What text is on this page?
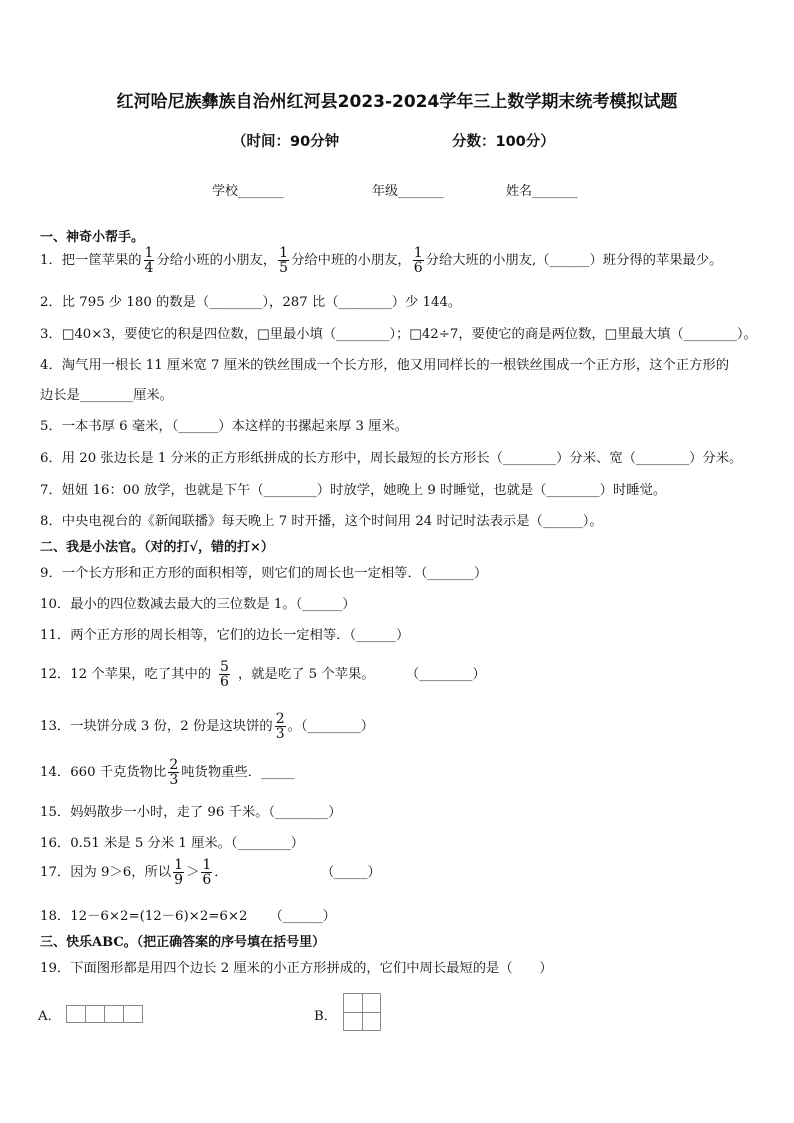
红河哈尼族彝族自治州红河县2023-2024学年三上数学期末统考模拟试题
（时间：90分钟	分数：100分）
学校_______	年级_______	姓名_______
一、神奇小帮手。
1．把一筐苹果的 $\frac{1}{4}$ 分给小班的小朋友， $\frac{1}{5}$ 分给中班的小朋友， $\frac{1}{6}$ 分给大班的小朋友,（______）班分得的苹果最少。
2．比 795 少 180 的数是（________），287 比（________）少 144。
3．□40×3，要使它的积是四位数，□里最小填（________）；□42÷7，要使它的商是两位数，□里最大填（________）。
4．淘气用一根长 11 厘米宽 7 厘米的铁丝围成一个长方形，他又用同样长的一根铁丝围成一个正方形，这个正方形的
边长是________厘米。
5．一本书厚 6 毫米，（______）本这样的书摞起来厚 3 厘米。
6．用 20 张边长是 1 分米的正方形纸拼成的长方形中，周长最短的长方形长（________）分米、宽（________）分米。
7．妞妞 16：00 放学，也就是下午（________）时放学，她晚上 9 时睡觉，也就是（________）时睡觉。
8．中央电视台的《新闻联播》每天晚上 7 时开播，这个时间用 24 时记时法表示是（______）。
二、我是小法官。（对的打√，错的打×）
9．一个长方形和正方形的面积相等，则它们的周长也一定相等．（_______）
10．最小的四位数减去最大的三位数是 1。（______）
11．两个正方形的周长相等，它们的边长一定相等．（______）
12．12 个苹果，吃了其中的 $\frac{5}{6}$ ，就是吃了 5 个苹果。	（________）
13．一块饼分成 3 份，2 份是这块饼的 $\frac{2}{3}$ 。（________）
14．660 千克货物比 $\frac{2}{3}$ 吨货物重些．_____
15．妈妈散步一小时，走了 96 千米。（________）
16．0.51 米是 5 分米 1 厘米。（________）
17．因为 9＞6，所以 $\frac{1}{9} > \frac{1}{6}$ ．	（_____）
18．12－6×2=(12－6)×2=6×2 （______）
三、快乐ABC。（把正确答案的序号填在括号里）
19．下面图形都是用四个边长 2 厘米的小正方形拼成的，它们中周长最短的是（　　）
A．	B．
